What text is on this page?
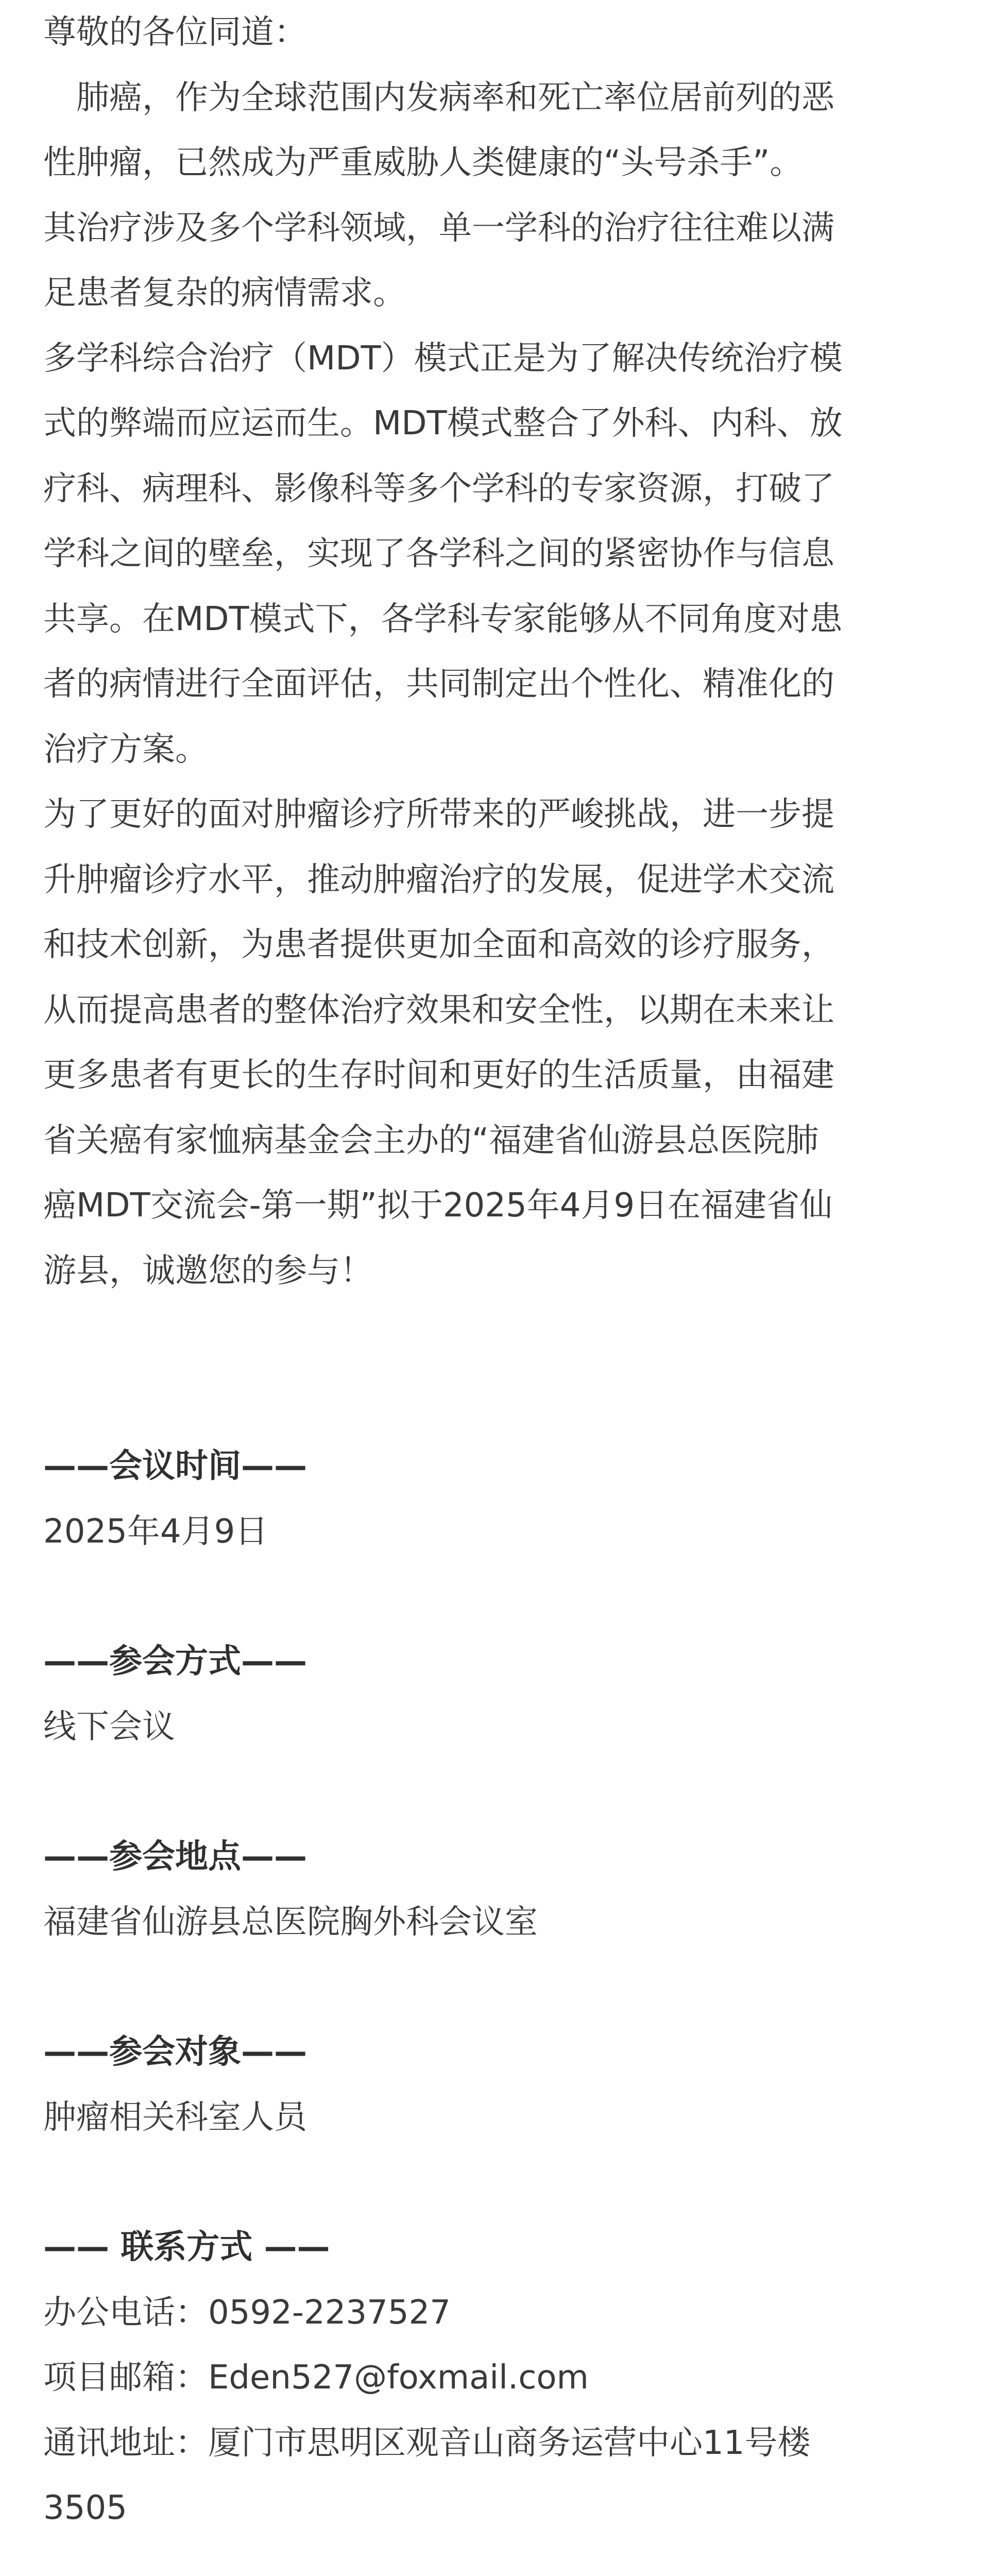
尊敬的各位同道：
肺癌，作为全球范围内发病率和死亡率位居前列的恶
性肿瘤，已然成为严重威胁人类健康的“头号杀手”。
其治疗涉及多个学科领域，单一学科的治疗往往难以满
足患者复杂的病情需求。
多学科综合治疗（MDT）模式正是为了解决传统治疗模
式的弊端而应运而生。MDT模式整合了外科、内科、放
疗科、病理科、影像科等多个学科的专家资源，打破了
学科之间的壁垒，实现了各学科之间的紧密协作与信息
共享。在MDT模式下，各学科专家能够从不同角度对患
者的病情进行全面评估，共同制定出个性化、精准化的
治疗方案。
为了更好的面对肿瘤诊疗所带来的严峻挑战，进一步提
升肿瘤诊疗水平，推动肿瘤治疗的发展，促进学术交流
和技术创新，为患者提供更加全面和高效的诊疗服务，
从而提高患者的整体治疗效果和安全性，以期在未来让
更多患者有更长的生存时间和更好的生活质量，由福建
省关癌有家恤病基金会主办的“福建省仙游县总医院肺
癌MDT交流会-第一期”拟于2025年4月9日在福建省仙
游县，诚邀您的参与！
——会议时间——
2025年4月9日
——参会方式——
线下会议
——参会地点——
福建省仙游县总医院胸外科会议室
——参会对象——
肿瘤相关科室人员
—— 联系方式 ——
办公电话：0592-2237527
项目邮箱：Eden527@foxmail.com
通讯地址：厦门市思明区观音山商务运营中心11号楼
3505
